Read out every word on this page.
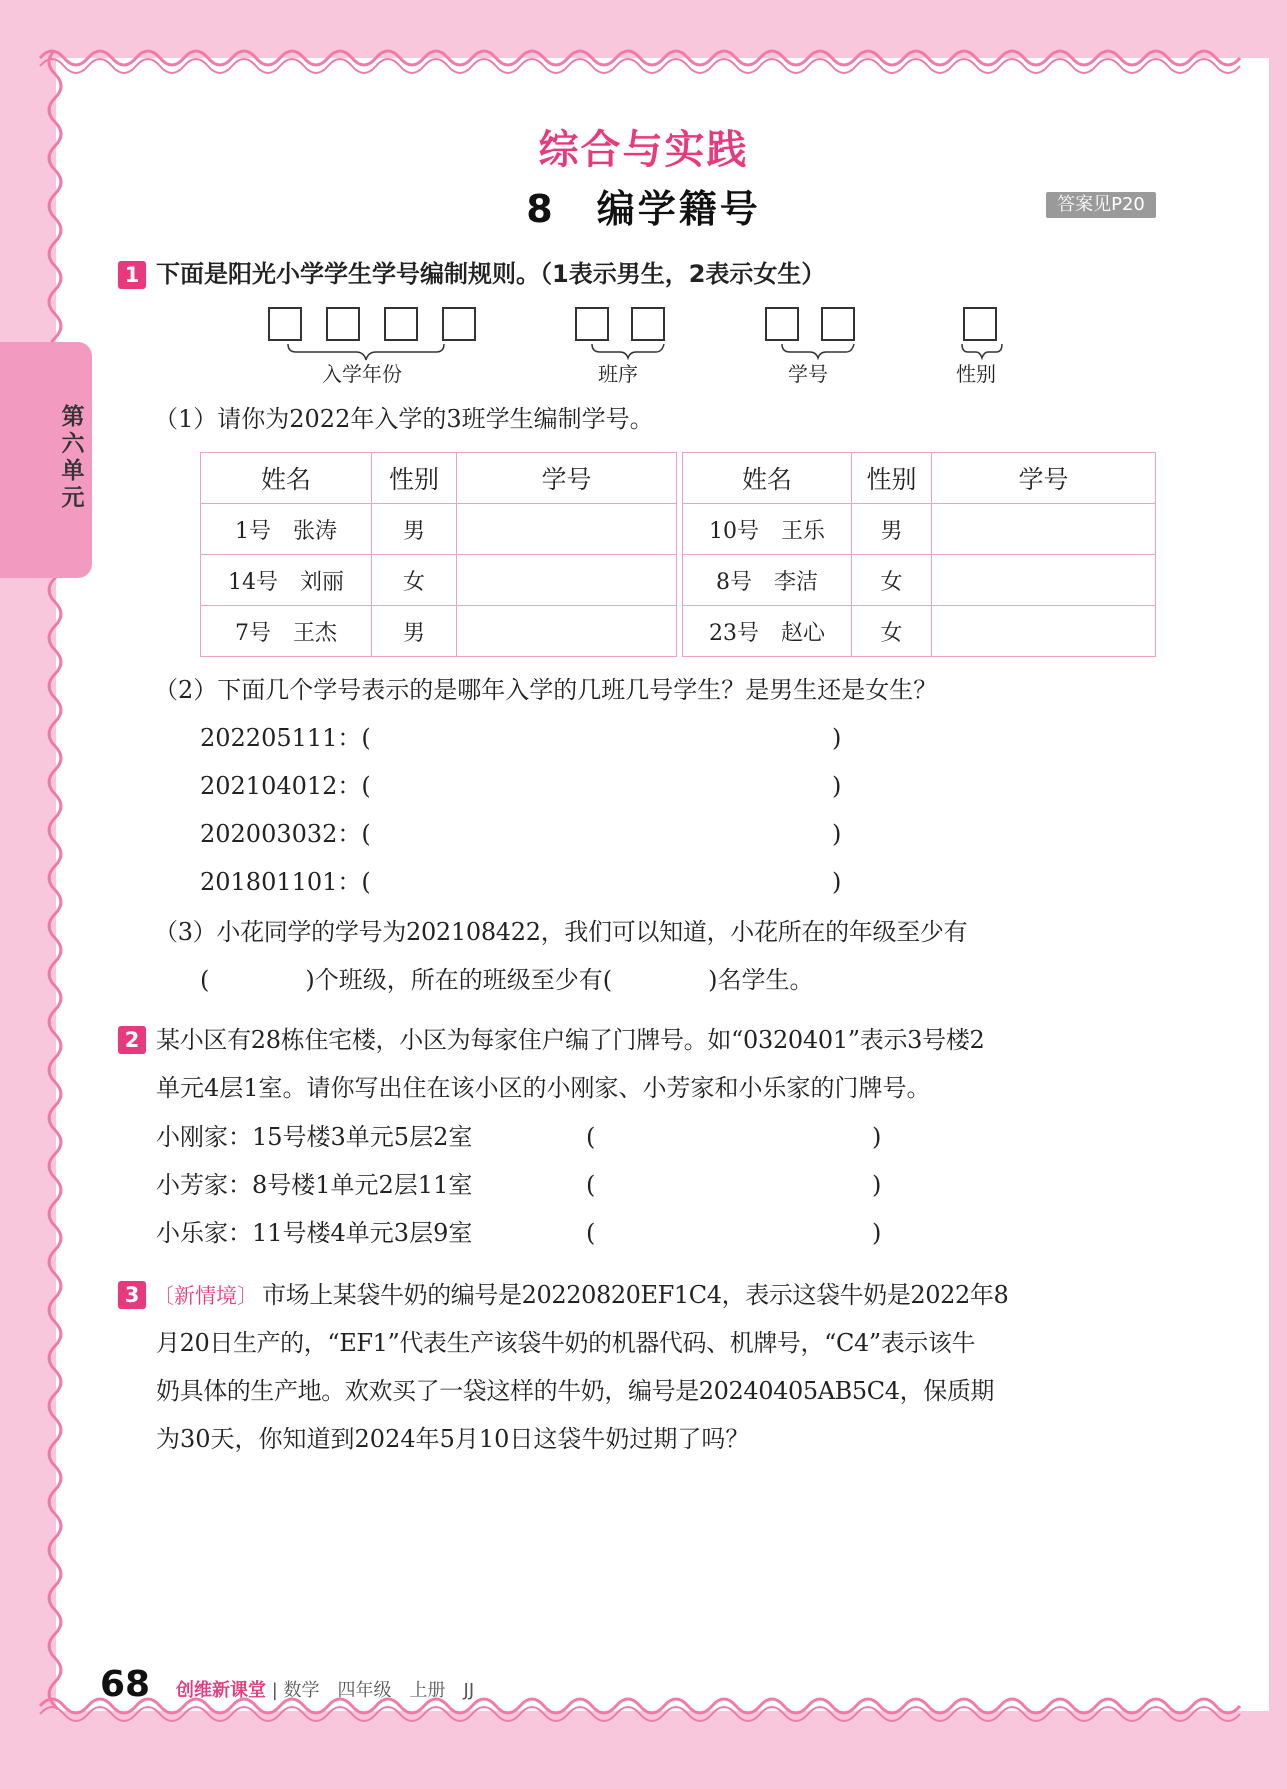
第六单元
综合与实践
8　编学籍号	答案见P20
1 下面是阳光小学学生学号编制规则。（1表示男生，2表示女生）
入学年份	班序	学号	性别
（1）请你为2022年入学的3班学生编制学号。
姓名	性别	学号
1号　张涛	男	
14号　刘丽	女	
7号　王杰	男	
姓名	性别	学号
10号　王乐	男	
8号　李洁	女	
23号　赵心	女	
（2）下面几个学号表示的是哪年入学的几班几号学生？是男生还是女生？
202205111：(	)
202104012：(	)
202003032：(	)
201801101：(	)
（3）小花同学的学号为202108422，我们可以知道，小花所在的年级至少有
(　　　　)个班级，所在的班级至少有(　　　　)名学生。
2 某小区有28栋住宅楼，小区为每家住户编了门牌号。如“0320401”表示3号楼2
单元4层1室。请你写出住在该小区的小刚家、小芳家和小乐家的门牌号。
小刚家：15号楼3单元5层2室	(	)
小芳家：8号楼1单元2层11室	(	)
小乐家：11号楼4单元3层9室	(	)
3 〔新情境〕 市场上某袋牛奶的编号是20220820EF1C4，表示这袋牛奶是2022年8
月20日生产的，“EF1”代表生产该袋牛奶的机器代码、机牌号，“C4”表示该牛
奶具体的生产地。欢欢买了一袋这样的牛奶，编号是20240405AB5C4，保质期
为30天，你知道到2024年5月10日这袋牛奶过期了吗？
68 创维新课堂 | 数学　四年级　上册　JJ
